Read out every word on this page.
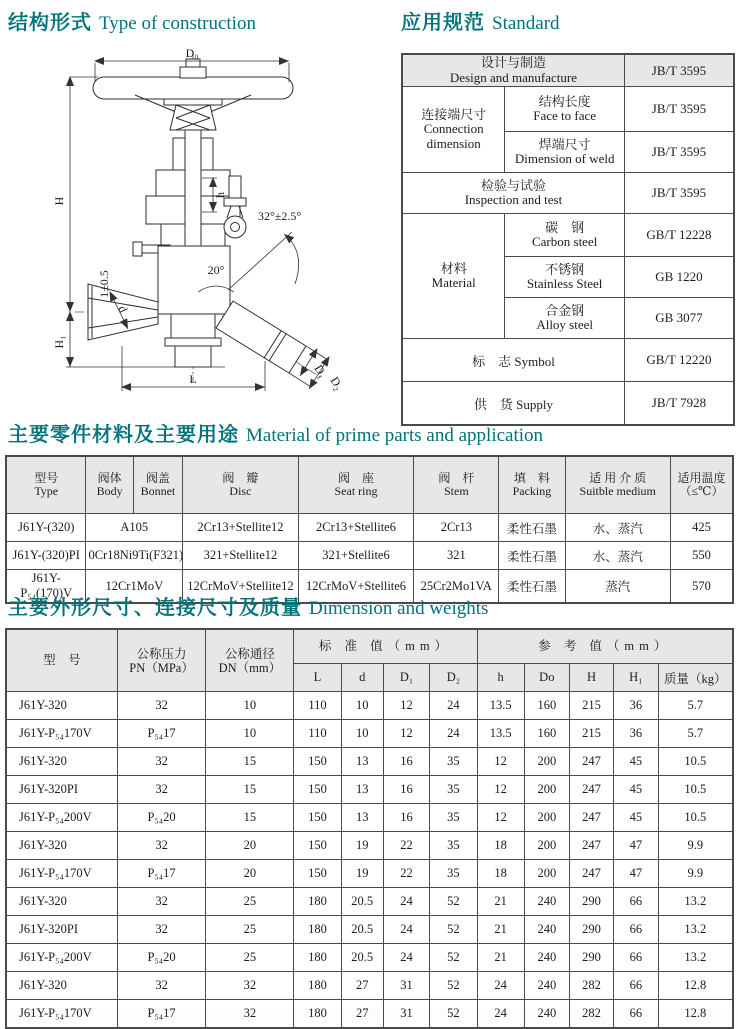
结构形式 Type of construction	应用规范 Standard
D₀
H
H₁
L
h
1±0.5
32°±2.5°
20°
d
D₁
D₂
设计与制造
Design and manufacture		JB/T 3595

连接端尺寸
Connection
dimension	结构长度
Face to face	JB/T 3595

	焊端尺寸
Dimension of weld	JB/T 3595

检验与试验
Inspection and test		JB/T 3595

材料
Material	碳　钢
Carbon steel	GB/T 12228

	不锈钢
Stainless Steel	GB 1220

	合金钢
Alloy steel	GB 3077
标　志 Symbol		GB/T 12220
供　货 Supply		JB/T 7928
主要零件材料及主要用途 Material of prime parts and application
型号
Type	阀体
Body	阀盖
Bonnet	阀　瓣
Disc	阀　座
Seat ring	阀　杆
Stem	填　料
Packing	适 用 介 质
Suitble medium	适用温度
（≤℃）

J61Y-(320)	A105		2Cr13+Stellite12	2Cr13+Stellite6	2Cr13	柔性石墨	水、蒸汽	425
J61Y-(320)PI	0Cr18Ni9Ti(F321)		321+Stellite12	321+Stellite6	321	柔性石墨	水、蒸汽	550
J61Y-P₅₄(170)V	12Cr1MoV		12CrMoV+Stellite12	12CrMoV+Stellite6	25Cr2Mo1VA	柔性石墨	蒸汽	570
主要外形尺寸、连接尺寸及质量 Dimension and weights
型　号	公称压力
PN（MPa）	公称通径
DN（mm）	标 准 值（mm）				参 考 值（mm）				
			L	d	D₁	D₂	h	Do	H	H₁	质量（kg）
J61Y-320	32	10	110	10	12	24	13.5	160	215	36	5.7
J61Y-P₅₄170V	P₅₄17	10	110	10	12	24	13.5	160	215	36	5.7
J61Y-320	32	15	150	13	16	35	12	200	247	45	10.5
J61Y-320PI	32	15	150	13	16	35	12	200	247	45	10.5
J61Y-P₅₄200V	P₅₄20	15	150	13	16	35	12	200	247	45	10.5
J61Y-320	32	20	150	19	22	35	18	200	247	47	9.9
J61Y-P₅₄170V	P₅₄17	20	150	19	22	35	18	200	247	47	9.9
J61Y-320	32	25	180	20.5	24	52	21	240	290	66	13.2
J61Y-320PI	32	25	180	20.5	24	52	21	240	290	66	13.2
J61Y-P₅₄200V	P₅₄20	25	180	20.5	24	52	21	240	290	66	13.2
J61Y-320	32	32	180	27	31	52	24	240	282	66	12.8
J61Y-P₅₄170V	P₅₄17	32	180	27	31	52	24	240	282	66	12.8
